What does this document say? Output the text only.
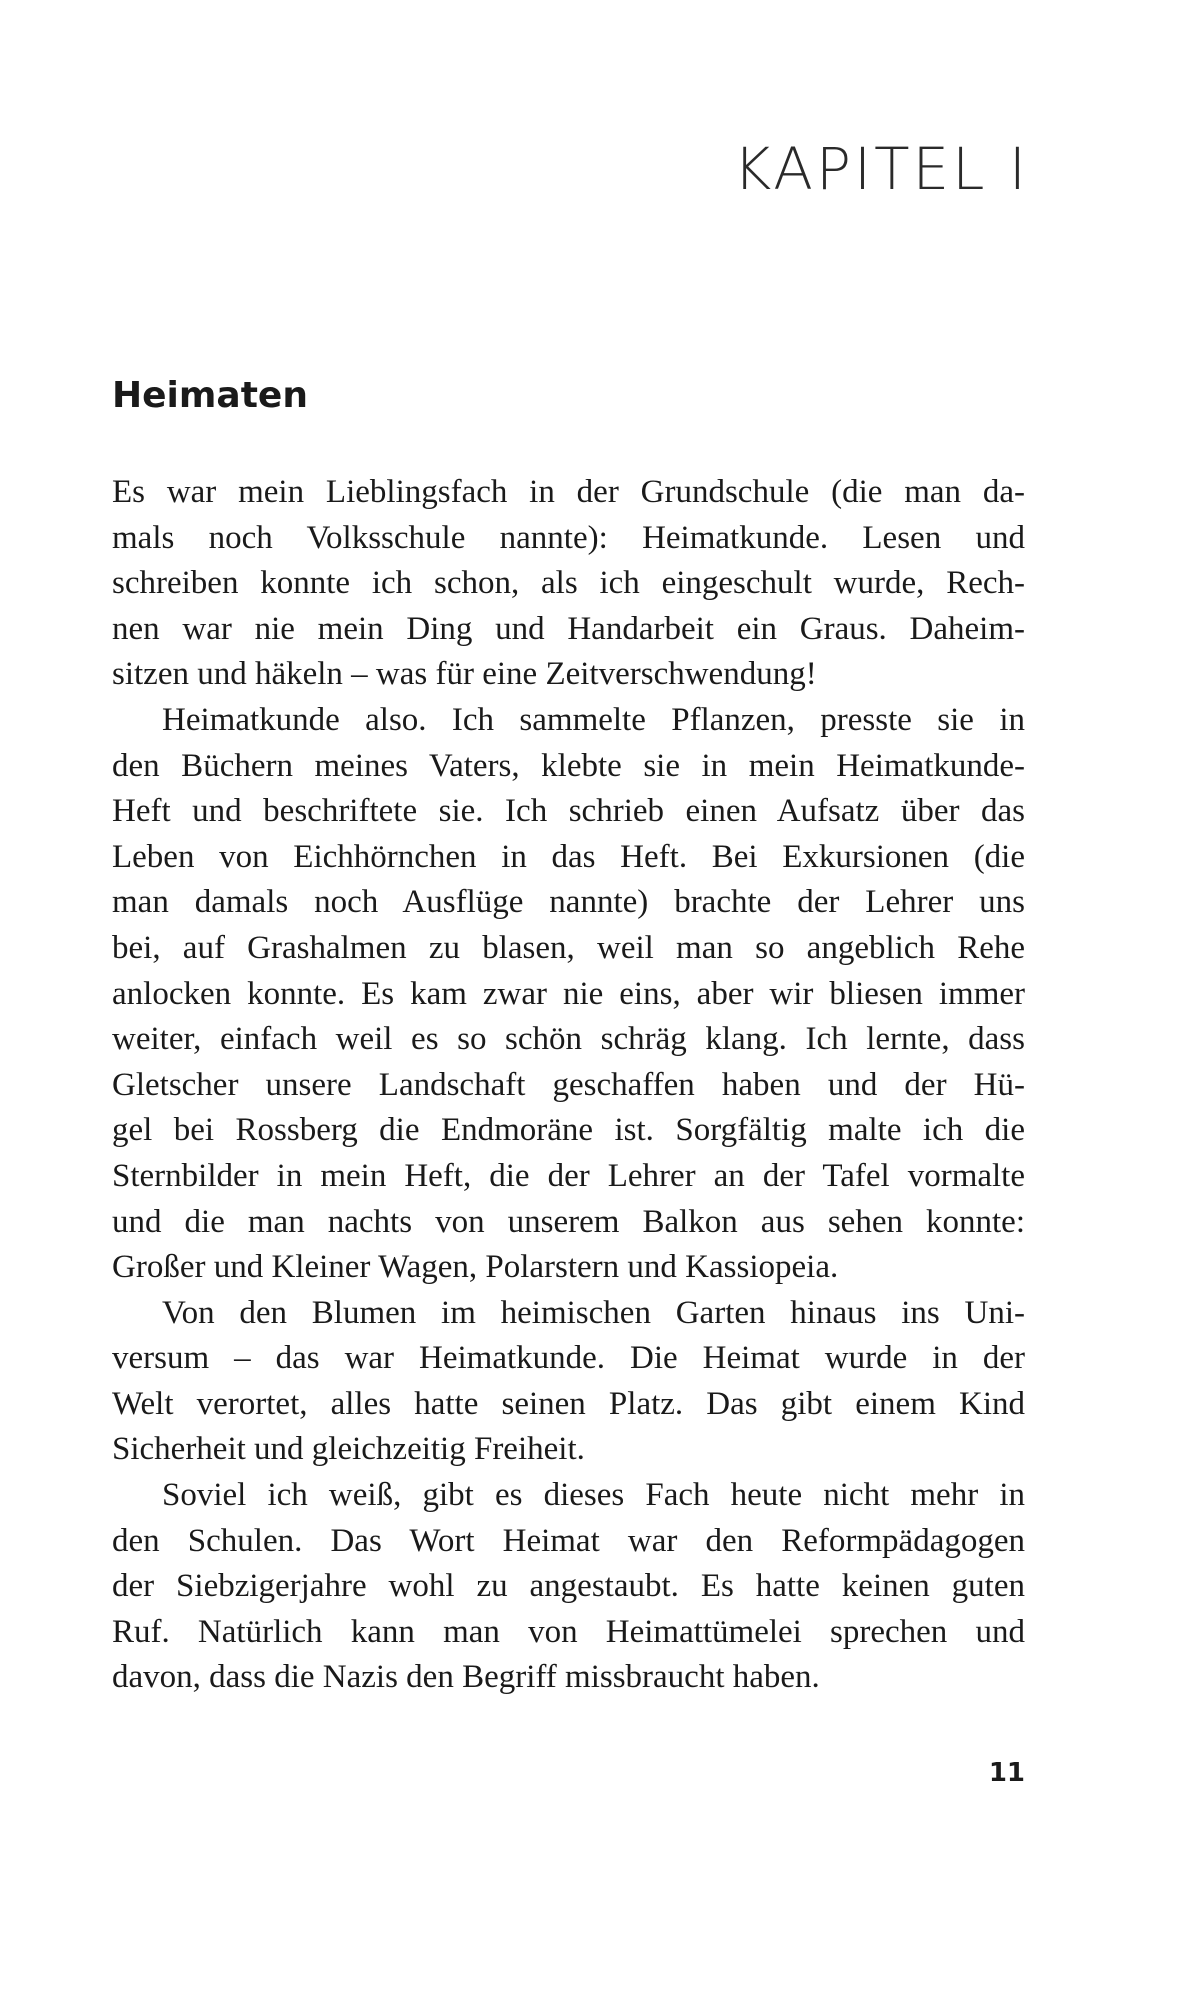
KAPITEL I
Heimaten

Es war mein Lieblingsfach in der Grundschule (die man da-
mals noch Volksschule nannte): Heimatkunde. Lesen und
schreiben konnte ich schon, als ich eingeschult wurde, Rech-
nen war nie mein Ding und Handarbeit ein Graus. Daheim-
sitzen und häkeln – was für eine Zeitverschwendung!

Heimatkunde also. Ich sammelte Pflanzen, presste sie in
den Büchern meines Vaters, klebte sie in mein Heimatkunde-
Heft und beschriftete sie. Ich schrieb einen Aufsatz über das
Leben von Eichhörnchen in das Heft. Bei Exkursionen (die
man damals noch Ausflüge nannte) brachte der Lehrer uns
bei, auf Grashalmen zu blasen, weil man so angeblich Rehe
anlocken konnte. Es kam zwar nie eins, aber wir bliesen immer
weiter, einfach weil es so schön schräg klang. Ich lernte, dass
Gletscher unsere Landschaft geschaffen haben und der Hü-
gel bei Rossberg die Endmoräne ist. Sorgfältig malte ich die
Sternbilder in mein Heft, die der Lehrer an der Tafel vormalte
und die man nachts von unserem Balkon aus sehen konnte:
Großer und Kleiner Wagen, Polarstern und Kassiopeia.

Von den Blumen im heimischen Garten hinaus ins Uni-
versum – das war Heimatkunde. Die Heimat wurde in der
Welt verortet, alles hatte seinen Platz. Das gibt einem Kind
Sicherheit und gleichzeitig Freiheit.

Soviel ich weiß, gibt es dieses Fach heute nicht mehr in
den Schulen. Das Wort Heimat war den Reformpädagogen
der Siebzigerjahre wohl zu angestaubt. Es hatte keinen guten
Ruf. Natürlich kann man von Heimattümelei sprechen und
davon, dass die Nazis den Begriff missbraucht haben.

11
